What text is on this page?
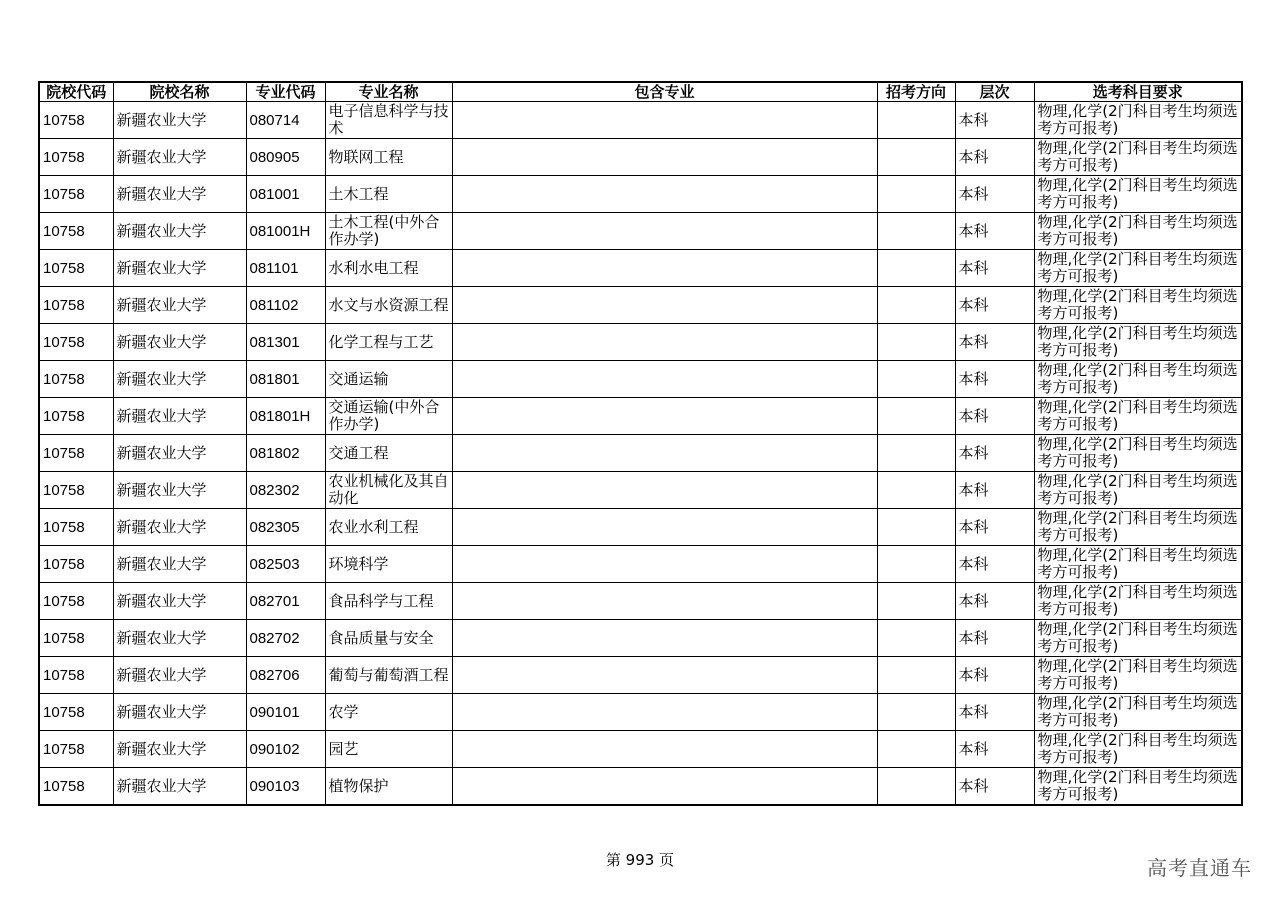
院校代码	院校名称	专业代码	专业名称	包含专业	招考方向	层次	选考科目要求
10758	新疆农业大学	080714	电子信息科学与技术			本科	物理,化学(2门科目考生均须选考方可报考)
10758	新疆农业大学	080905	物联网工程			本科	物理,化学(2门科目考生均须选考方可报考)
10758	新疆农业大学	081001	土木工程			本科	物理,化学(2门科目考生均须选考方可报考)
10758	新疆农业大学	081001H	土木工程(中外合作办学)			本科	物理,化学(2门科目考生均须选考方可报考)
10758	新疆农业大学	081101	水利水电工程			本科	物理,化学(2门科目考生均须选考方可报考)
10758	新疆农业大学	081102	水文与水资源工程			本科	物理,化学(2门科目考生均须选考方可报考)
10758	新疆农业大学	081301	化学工程与工艺			本科	物理,化学(2门科目考生均须选考方可报考)
10758	新疆农业大学	081801	交通运输			本科	物理,化学(2门科目考生均须选考方可报考)
10758	新疆农业大学	081801H	交通运输(中外合作办学)			本科	物理,化学(2门科目考生均须选考方可报考)
10758	新疆农业大学	081802	交通工程			本科	物理,化学(2门科目考生均须选考方可报考)
10758	新疆农业大学	082302	农业机械化及其自动化			本科	物理,化学(2门科目考生均须选考方可报考)
10758	新疆农业大学	082305	农业水利工程			本科	物理,化学(2门科目考生均须选考方可报考)
10758	新疆农业大学	082503	环境科学			本科	物理,化学(2门科目考生均须选考方可报考)
10758	新疆农业大学	082701	食品科学与工程			本科	物理,化学(2门科目考生均须选考方可报考)
10758	新疆农业大学	082702	食品质量与安全			本科	物理,化学(2门科目考生均须选考方可报考)
10758	新疆农业大学	082706	葡萄与葡萄酒工程			本科	物理,化学(2门科目考生均须选考方可报考)
10758	新疆农业大学	090101	农学			本科	物理,化学(2门科目考生均须选考方可报考)
10758	新疆农业大学	090102	园艺			本科	物理,化学(2门科目考生均须选考方可报考)
10758	新疆农业大学	090103	植物保护			本科	物理,化学(2门科目考生均须选考方可报考)
第 993 页	高考直通车
